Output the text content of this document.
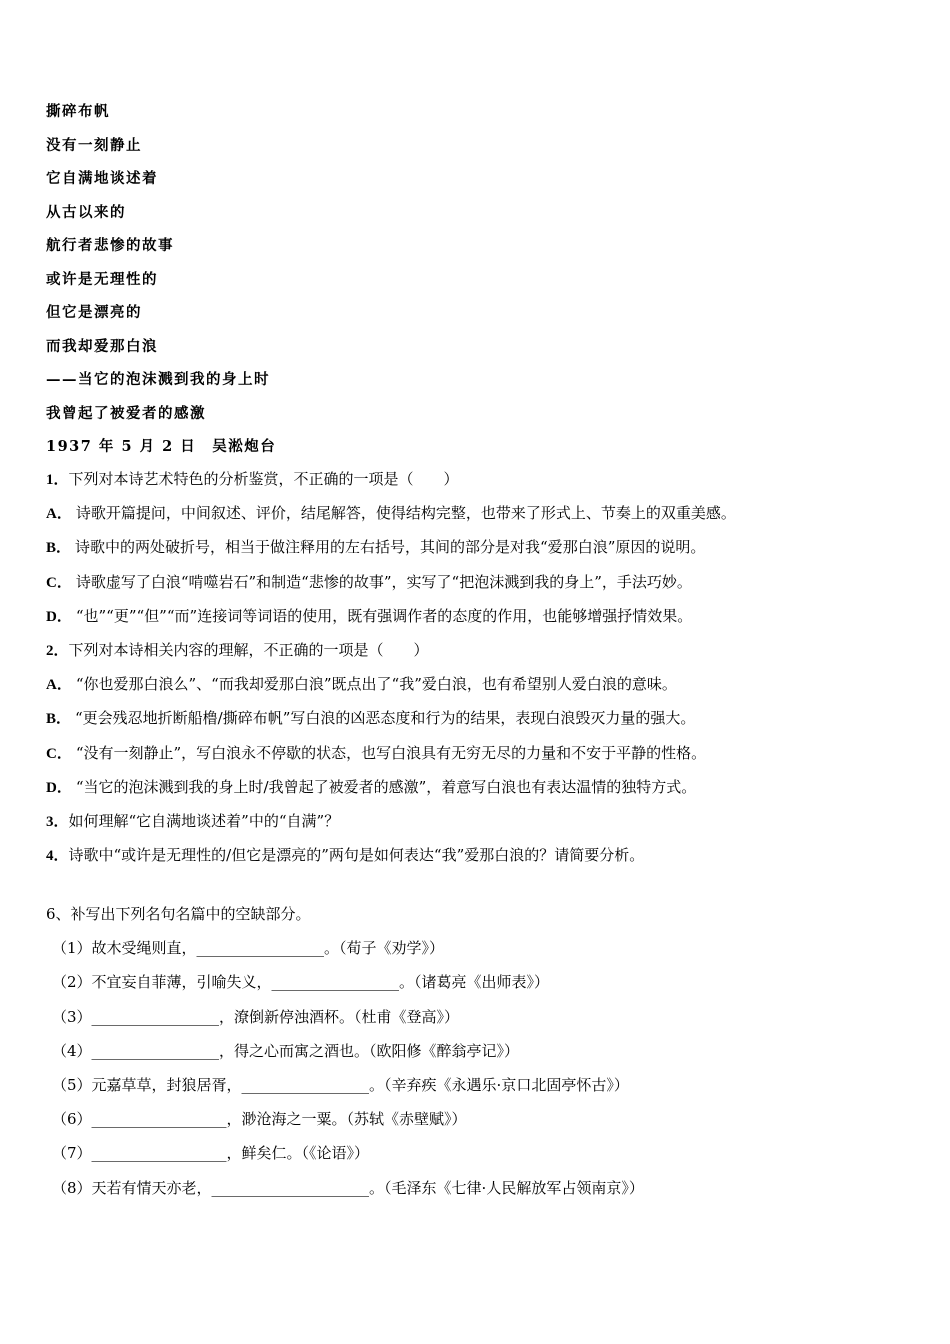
撕碎布帆
没有一刻静止
它自满地谈述着
从古以来的
航行者悲惨的故事
或许是无理性的
但它是漂亮的
而我却爱那白浪
——当它的泡沫溅到我的身上时
我曾起了被爱者的感激
1937 年 5 月 2 日　吴淞炮台
1．下列对本诗艺术特色的分析鉴赏，不正确的一项是（　　）
A． 诗歌开篇提问，中间叙述、评价，结尾解答，使得结构完整，也带来了形式上、节奏上的双重美感。
B． 诗歌中的两处破折号，相当于做注释用的左右括号，其间的部分是对我“爱那白浪”原因的说明。
C． 诗歌虚写了白浪“啃噬岩石”和制造“悲惨的故事”，实写了“把泡沫溅到我的身上”，手法巧妙。
D． “也”“更”“但”“而”连接词等词语的使用，既有强调作者的态度的作用，也能够增强抒情效果。
2．下列对本诗相关内容的理解，不正确的一项是（　　）
A． “你也爱那白浪么”、“而我却爱那白浪”既点出了“我”爱白浪，也有希望别人爱白浪的意味。
B． “更会残忍地折断船橹/撕碎布帆”写白浪的凶恶态度和行为的结果，表现白浪毁灭力量的强大。
C． “没有一刻静止”，写白浪永不停歇的状态，也写白浪具有无穷无尽的力量和不安于平静的性格。
D． “当它的泡沫溅到我的身上时/我曾起了被爱者的感激”，着意写白浪也有表达温情的独特方式。
3．如何理解“它自满地谈述着”中的“自满”？
4．诗歌中“或许是无理性的/但它是漂亮的”两句是如何表达“我”爱那白浪的？请简要分析。
6、补写出下列名句名篇中的空缺部分。
（1）故木受绳则直，_________________。（荀子《劝学》）
（2）不宜妄自菲薄，引喻失义，_________________。（诸葛亮《出师表》）
（3）_________________，潦倒新停浊酒杯。（杜甫《登高》）
（4）_________________，得之心而寓之酒也。（欧阳修《醉翁亭记》）
（5）元嘉草草，封狼居胥，_________________。（辛弃疾《永遇乐·京口北固亭怀古》）
（6）__________________，渺沧海之一粟。（苏轼《赤壁赋》）
（7）__________________，鲜矣仁。（《论语》）
（8）天若有情天亦老，_____________________。（毛泽东《七律·人民解放军占领南京》）
